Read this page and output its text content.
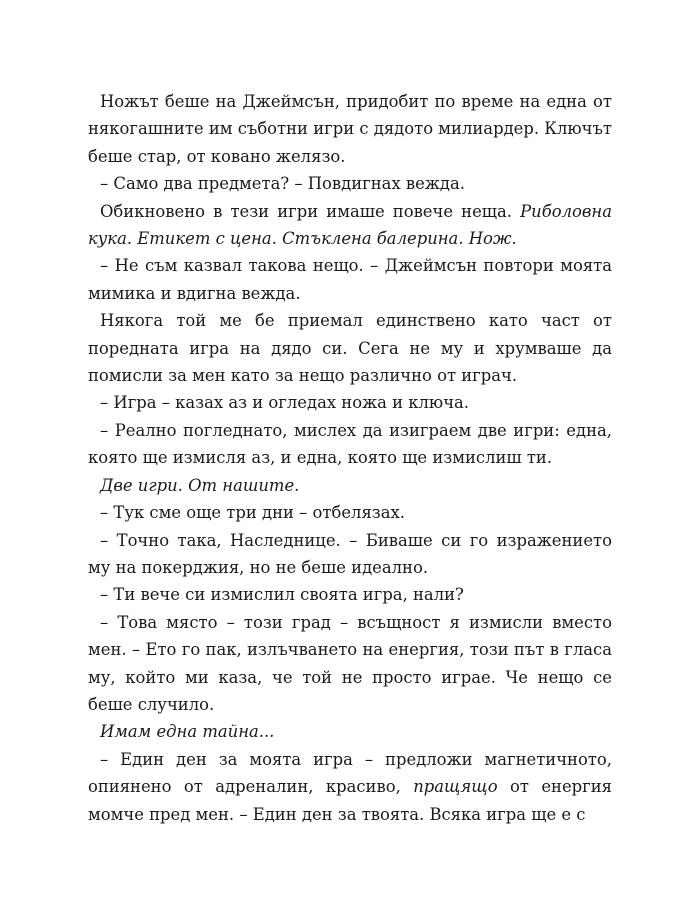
Ножът беше на Джеймсън, придобит по време на една от някогашните им съботни игри с дядото милиардер. Ключът беше стар, от ковано желязо.

– Само два предмета? – Повдигнах вежда.

Обикновено в тези игри имаше повече неща. Риболовна кука. Етикет с цена. Стъклена балерина. Нож.

– Не съм казвал такова нещо. – Джеймсън повтори моята мимика и вдигна вежда.

Някога той ме бе приемал единствено като част от поредната игра на дядо си. Сега не му и хрумваше да помисли за мен като за нещо различно от играч.

– Игра – казах аз и огледах ножа и ключа.

– Реално погледнато, мислех да изиграем две игри: една, която ще измисля аз, и една, която ще измислиш ти.

Две игри. От нашите.

– Тук сме още три дни – отбелязах.

– Точно така, Наследнице. – Биваше си го изражението му на покерджия, но не беше идеално.

– Ти вече си измислил своята игра, нали?

– Това място – този град – всъщност я измисли вместо мен. – Ето го пак, излъчването на енергия, този път в гласа му, който ми каза, че той не просто играе. Че нещо се беше случило.

Имам една тайна...

– Един ден за моята игра – предложи магнетичното, опиянено от адреналин, красиво, пращящо от енергия момче пред мен. – Един ден за твоята. Всяка игра ще е с
